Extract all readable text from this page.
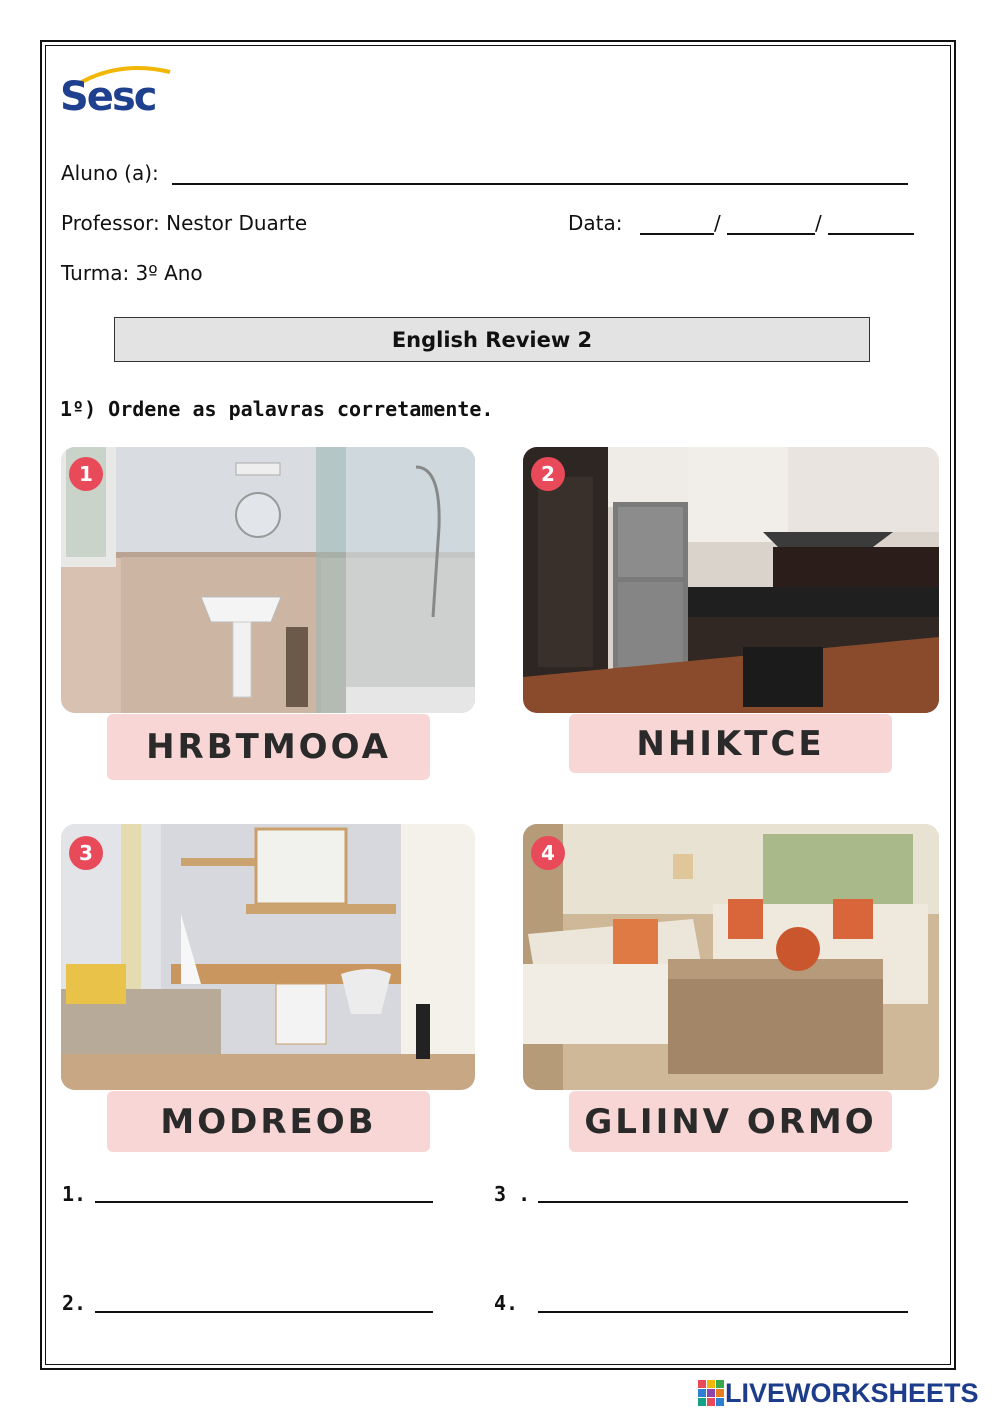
Sesc
Aluno (a):
Professor: Nestor Duarte	Data:	/	/
Turma: 3º Ano
English Review 2
1º) Ordene as palavras corretamente.
1
HRBTMOOA
2
NHIKTCE
3
MODREOB
4
GLIINV ORMO
1.
2.
3 .
4.
LIVEWORKSHEETS
